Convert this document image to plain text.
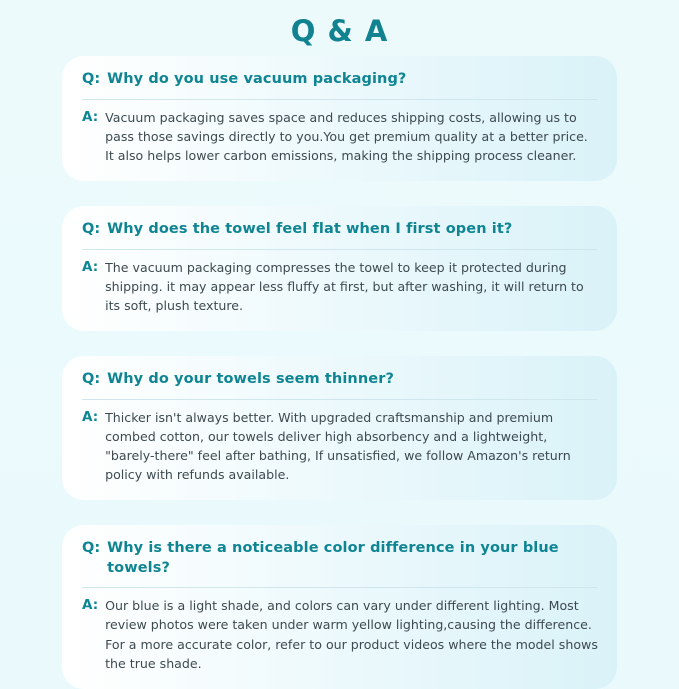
Q & A
Q: Why do you use vacuum packaging?
A: Vacuum packaging saves space and reduces shipping costs, allowing us to pass those savings directly to you.You get premium quality at a better price. It also helps lower carbon emissions, making the shipping process cleaner.
Q: Why does the towel feel flat when I first open it?
A: The vacuum packaging compresses the towel to keep it protected during shipping. it may appear less fluffy at first, but after washing, it will return to its soft, plush texture.
Q: Why do your towels seem thinner?
A: Thicker isn't always better. With upgraded craftsmanship and premium combed cotton, our towels deliver high absorbency and a lightweight, "barely-there" feel after bathing, If unsatisfied, we follow Amazon's return policy with refunds available.
Q: Why is there a noticeable color difference in your blue towels?
A: Our blue is a light shade, and colors can vary under different lighting. Most review photos were taken under warm yellow lighting,causing the difference. For a more accurate color, refer to our product videos where the model shows the true shade.
